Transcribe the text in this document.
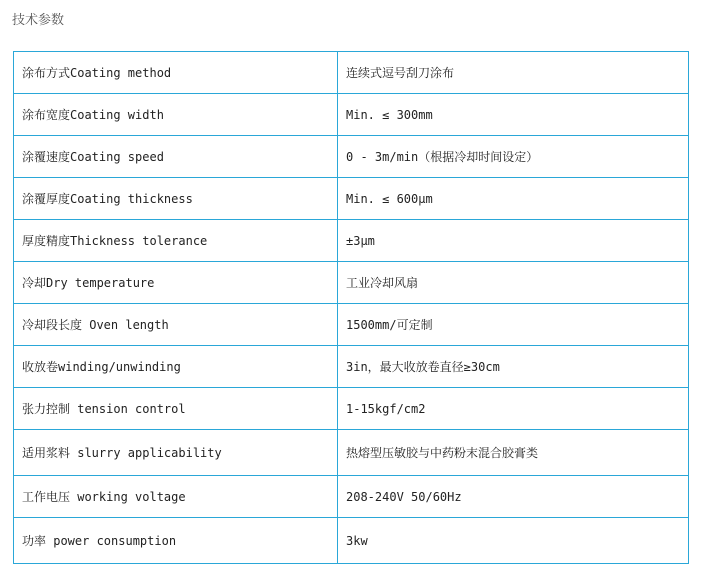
技术参数
涂布方式Coating method	连续式逗号刮刀涂布
涂布宽度Coating width	Min. ≤ 300mm
涂覆速度Coating speed	0 - 3m/min（根据冷却时间设定）
涂覆厚度Coating thickness	Min. ≤ 600μm
厚度精度Thickness tolerance	±3μm
冷却Dry temperature	工业冷却风扇
冷却段长度 Oven length	1500mm/可定制
收放卷winding/unwinding	3in，最大收放卷直径≥30cm
张力控制 tension control	1-15kgf/cm2
适用浆料 slurry applicability	热熔型压敏胶与中药粉末混合胶膏类
工作电压 working voltage	208-240V 50/60Hz
功率 power consumption	3kw
